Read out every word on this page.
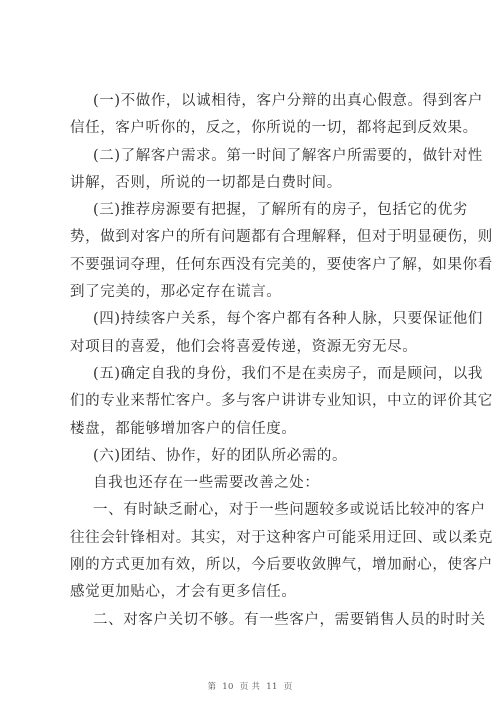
(一)不做作，以诚相待，客户分辩的出真心假意。得到客户
信任，客户听你的，反之，你所说的一切，都将起到反效果。
(二)了解客户需求。第一时间了解客户所需要的，做针对性
讲解，否则，所说的一切都是白费时间。
(三)推荐房源要有把握，了解所有的房子，包括它的优劣
势，做到对客户的所有问题都有合理解释，但对于明显硬伤，则
不要强词夺理，任何东西没有完美的，要使客户了解，如果你看
到了完美的，那必定存在谎言。
(四)持续客户关系，每个客户都有各种人脉，只要保证他们
对项目的喜爱，他们会将喜爱传递，资源无穷无尽。
(五)确定自我的身份，我们不是在卖房子，而是顾问，以我
们的专业来帮忙客户。多与客户讲讲专业知识，中立的评价其它
楼盘，都能够增加客户的信任度。
(六)团结、协作，好的团队所必需的。
自我也还存在一些需要改善之处：
一、有时缺乏耐心，对于一些问题较多或说话比较冲的客户
往往会针锋相对。其实，对于这种客户可能采用迂回、或以柔克
刚的方式更加有效，所以，今后要收敛脾气，增加耐心，使客户
感觉更加贴心，才会有更多信任。
二、对客户关切不够。有一些客户，需要销售人员的时时关
第 10 页 共 11 页
